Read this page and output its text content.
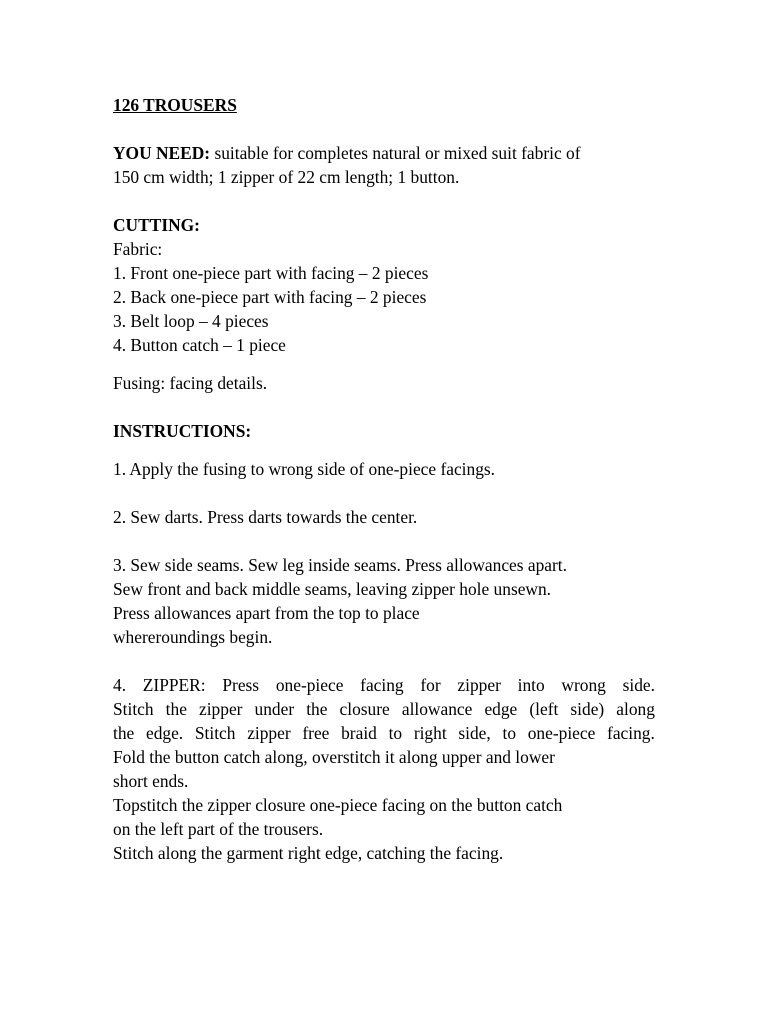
126 TROUSERS
YOU NEED: suitable for completes natural or mixed suit fabric of
150 cm width; 1 zipper of 22 cm length; 1 button.
CUTTING:
Fabric:
1. Front one-piece part with facing – 2 pieces
2. Back one-piece part with facing – 2 pieces
3. Belt loop – 4 pieces
4. Button catch – 1 piece
Fusing: facing details.
INSTRUCTIONS:
1. Apply the fusing to wrong side of one-piece facings.
2. Sew darts. Press darts towards the center.
3. Sew side seams. Sew leg inside seams. Press allowances apart.
Sew front and back middle seams, leaving zipper hole unsewn.
Press allowances apart from the top to place
whereroundings begin.
4. ZIPPER: Press one-piece facing for zipper into wrong side.
Stitch the zipper under the closure allowance edge (left side) along
the edge. Stitch zipper free braid to right side, to one-piece facing.
Fold the button catch along, overstitch it along upper and lower
short ends.
Topstitch the zipper closure one-piece facing on the button catch
on the left part of the trousers.
Stitch along the garment right edge, catching the facing.
